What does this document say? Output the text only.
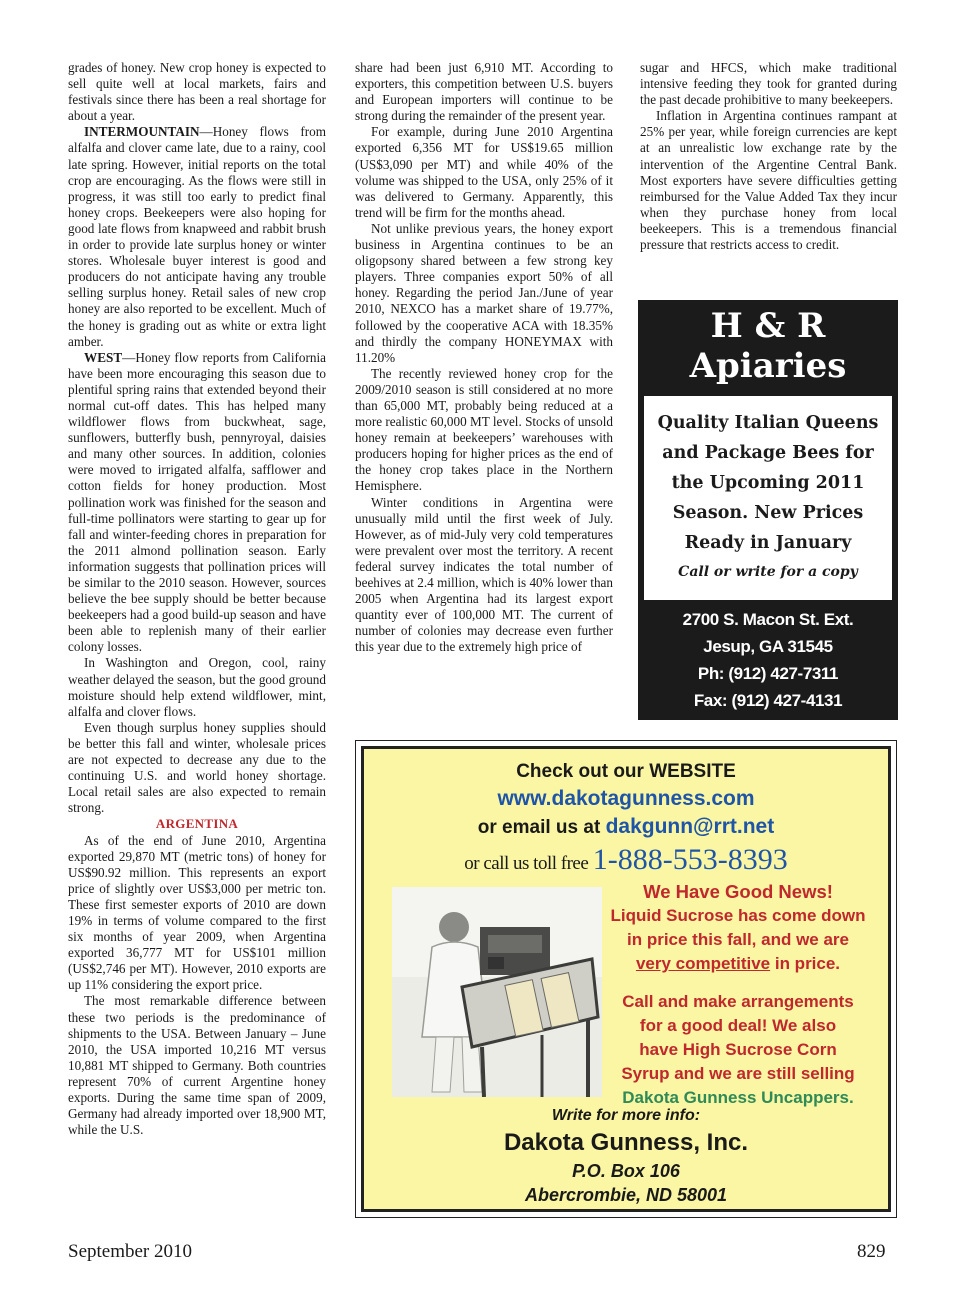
grades of honey. New crop honey is expected to sell quite well at local markets, fairs and festivals since there has been a real shortage for about a year.

INTERMOUNTAIN—Honey flows from alfalfa and clover came late, due to a rainy, cool late spring. However, initial reports on the total crop are encouraging. As the flows were still in progress, it was still too early to predict final honey crops. Beekeepers were also hoping for good late flows from knapweed and rabbit brush in order to provide late surplus honey or winter stores. Wholesale buyer interest is good and producers do not anticipate having any trouble selling surplus honey. Retail sales of new crop honey are also reported to be excellent. Much of the honey is grading out as white or extra light amber.

WEST—Honey flow reports from California have been more encouraging this season due to plentiful spring rains that extended beyond their normal cut-off dates. This has helped many wildflower flows from buckwheat, sage, sunflowers, butterfly bush, pennyroyal, daisies and many other sources. In addition, colonies were moved to irrigated alfalfa, safflower and cotton fields for honey production. Most pollination work was finished for the season and full-time pollinators were starting to gear up for fall and winter-feeding chores in preparation for the 2011 almond pollination season. Early information suggests that pollination prices will be similar to the 2010 season. However, sources believe the bee supply should be better because beekeepers had a good build-up season and have been able to replenish many of their earlier colony losses.

In Washington and Oregon, cool, rainy weather delayed the season, but the good ground moisture should help extend wildflower, mint, alfalfa and clover flows.

Even though surplus honey supplies should be better this fall and winter, wholesale prices are not expected to decrease any due to the continuing U.S. and world honey shortage. Local retail sales are also expected to remain strong.

ARGENTINA

As of the end of June 2010, Argentina exported 29,870 MT (metric tons) of honey for US$90.92 million. This represents an export price of slightly over US$3,000 per metric ton. These first semester exports of 2010 are down 19% in terms of volume compared to the first six months of year 2009, when Argentina exported 36,777 MT for US$101 million (US$2,746 per MT). However, 2010 exports are up 11% considering the export price.

The most remarkable difference between these two periods is the predominance of shipments to the USA. Between January – June 2010, the USA imported 10,216 MT versus 10,881 MT shipped to Germany. Both countries represent 70% of current Argentine honey exports. During the same time span of 2009, Germany had already imported over 18,900 MT, while the U.S.

share had been just 6,910 MT. According to exporters, this competition between U.S. buyers and European importers will continue to be strong during the remainder of the present year.

For example, during June 2010 Argentina exported 6,356 MT for US$19.65 million (US$3,090 per MT) and while 40% of the volume was shipped to the USA, only 25% of it was delivered to Germany. Apparently, this trend will be firm for the months ahead.

Not unlike previous years, the honey export business in Argentina continues to be an oligopsony shared between a few strong key players. Three companies export 50% of all honey. Regarding the period Jan./June of year 2010, NEXCO has a market share of 19.77%, followed by the cooperative ACA with 18.35% and thirdly the company HONEYMAX with 11.20%

The recently reviewed honey crop for the 2009/2010 season is still considered at no more than 65,000 MT, probably being reduced at a more realistic 60,000 MT level. Stocks of unsold honey remain at beekeepers’ warehouses with producers hoping for higher prices as the end of the honey crop takes place in the Northern Hemisphere.

Winter conditions in Argentina were unusually mild until the first week of July. However, as of mid-July very cold temperatures were prevalent over most the territory. A recent federal survey indicates the total number of beehives at 2.4 million, which is 40% lower than 2005 when Argentina had its largest export quantity ever of 100,000 MT. The current of number of colonies may decrease even further this year due to the extremely high price of

sugar and HFCS, which make traditional intensive feeding they took for granted during the past decade prohibitive to many beekeepers.

Inflation in Argentina continues rampant at 25% per year, while foreign currencies are kept at an unrealistic low exchange rate by the intervention of the Argentine Central Bank. Most exporters have severe difficulties getting reimbursed for the Value Added Tax they incur when they purchase honey from local beekeepers. This is a tremendous financial pressure that restricts access to credit.

H & R
Apiaries
Quality Italian Queens
and Package Bees for
the Upcoming 2011
Season. New Prices
Ready in January
Call or write for a copy
2700 S. Macon St. Ext.
Jesup, GA 31545
Ph: (912) 427-7311
Fax: (912) 427-4131
Check out our WEBSITE
www.dakotagunness.com
or email us at dakgunn@rrt.net
or call us toll free 1-888-553-8393
We Have Good News!
Liquid Sucrose has come down
in price this fall, and we are
very competitive in price.
Call and make arrangements
for a good deal! We also
have High Sucrose Corn
Syrup and we are still selling
Dakota Gunness Uncappers.
Write for more info:
Dakota Gunness, Inc.
P.O. Box 106
Abercrombie, ND 58001
September 2010	829
